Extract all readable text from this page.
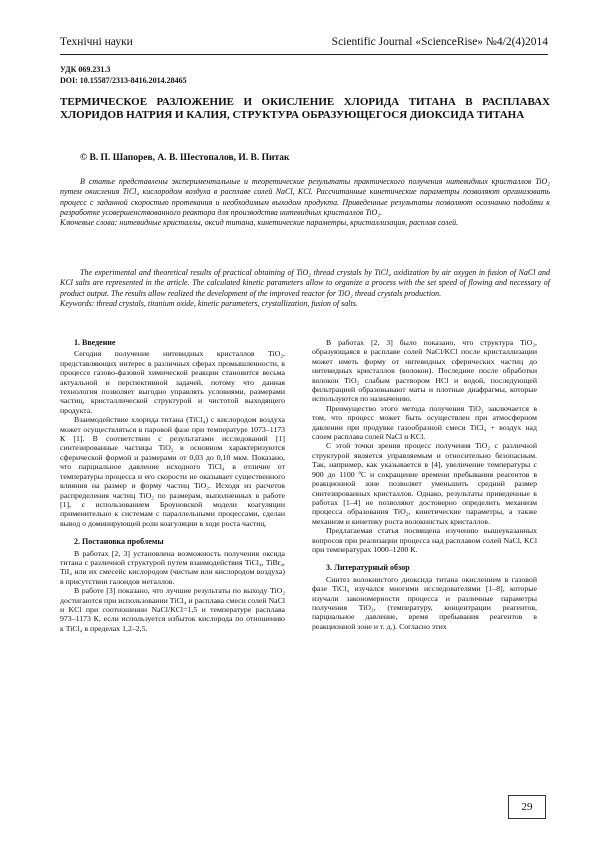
Технічні науки	Scientific Journal «ScienceRise» №4/2(4)2014
УДК 069.231.3
DOI: 10.15587/2313-8416.2014.28465
ТЕРМИЧЕСКОЕ РАЗЛОЖЕНИЕ И ОКИСЛЕНИЕ ХЛОРИДА ТИТАНА В РАСПЛАВАХ ХЛОРИДОВ НАТРИЯ И КАЛИЯ, СТРУКТУРА ОБРАЗУЮЩЕГОСЯ ДИОКСИДА ТИТАНА
© В. П. Шапорев, А. В. Шестопалов, И. В. Питак

В статье представлены экспериментальные и теоретические результаты практического получения нитевидных кристаллов TiO₂ путем окисления TiCl₄ кислородом воздуха в расплаве солей NaCl, KCl. Рассчитанные кинетические параметры позволяют организовать процесс с заданной скоростью протекания и необходимым выходом продукта. Приведенные результаты позволяют осознанно подойти к разработке усовершенствованного реактора для производства нитевидных кристаллов TiO₂.

Ключевые слова: нитевидные кристаллы, оксид титана, кинетические параметры, кристаллизация, расплав солей.

The experimental and theoretical results of practical obtaining of TiO₂ thread crystals by TiCl₄ oxidization by air oxygen in fusion of NaCl and KCl salts are represented in the article. The calculated kinetic parameters allow to organize a process with the set speed of flowing and necessary of product output. The results allow realized the development of the improved reactor for TiO₂ thread crystals production.

Keywords: thread crystals, titanium oxide, kinetic parameters, crystallization, fusion of salts.

1. Введение

Сегодня получение нитевидных кристаллов TiO₂, представляющих интерес в различных сферах промышленности, в процессе газово-фазовой химической реакции становится весьма актуальной и перспективной задачей, потому что данная технология позволяет выгодно управлять условиями, размерами частиц, кристаллической структурой и чистотой выходящего продукта.

Взаимодействие хлорида титана (TiCl₄) с кислородом воздуха может осуществляться в паровой фазе при температуре 1073–1173 К [1]. В соответствии с результатами исследований [1] синтезированные частицы TiO₂ в основном характеризуются сферической формой и размерами от 0,03 до 0,10 мкм. Показано, что парциальное давление исходного TiCl₄ в отличие от температуры процесса и его скорости не оказывает существенного влияния на размер и форму частиц TiO₂. Исходя из расчетов распределения частиц TiO₂ по размерам, выполненных в работе [1], с использованием Броуновской модели коагуляции применительно к системам с параллельными процессами, сделан вывод о доминирующей роли коагуляции в ходе роста частиц.

2. Постановка проблемы

В работах [2, 3] установлена возможность получения оксида титана с различной структурой путем взаимодействия TiCl₄, TiBr₄, TiI₄ или их смесейс кислородом (чистым или кислородом воздуха) в присутствии галоидов металлов.

В работе [3] показано, что лучшие результаты по выходу TiO₂ достигаются при использовании TiCl₄ и расплава смеси солей NaCl и KCl при соотношении NaCl/KCl=1,5 и температуре расплава 973–1173 К, если используется избыток кислорода по отношению к TiCl₄ в пределах 1,2–2,5.

В работах [2, 3] было показано, что структура TiO₂, образующаяся в расплаве солей NaCl/KCl после кристаллизации может иметь форму от нитевидных сферических частиц до нитевидных кристаллов (волокон). Последние после обработки волокон TiO₂ слабым раствором HCl и водой, последующей фильтрацией образовывают маты и плотные диафрагмы, которые используются по назначению.

Преимущество этого метода получения TiO₂ заключается в том, что процесс может быть осуществлен при атмосферном давлении при продувке газообразной смеси TiCl₄ + воздух над слоем расплава солей NaCl и KCl.

С этой точки зрения процесс получения TiO₂ с различной структурой является управляемым и относительно безопасным. Так, например, как указывается в [4], увеличение температуры с 900 до 1100 ºС и сокращение времени пребывания реагентов в реакционной зоне позволяет уменьшить средний размер синтезированных кристаллов. Однако, результаты приведенные в работах [1–4] не позволяют достоверно определить механизм процесса образования TiO₂, кинетические параметры, а также механизм и кинетику роста волокнистых кристаллов.

Предлагаемая статья посвящена изучению вышеуказанных вопросов при реализации процесса над расплавом солей NaCl, KCl при температурах 1000–1200 К.

3. Литературный обзор

Синтез волокнистого диоксида титана окислением в газовой фазе TiCl₄ изучался многими исследователями [1–8], которые изучали закономерности процесса и различные параметры получения TiO₂, (температуру, концентрации реагентов, парциальное давление, время пребывания реагентов в реакционной зоне и т. д.). Согласно этих

29
